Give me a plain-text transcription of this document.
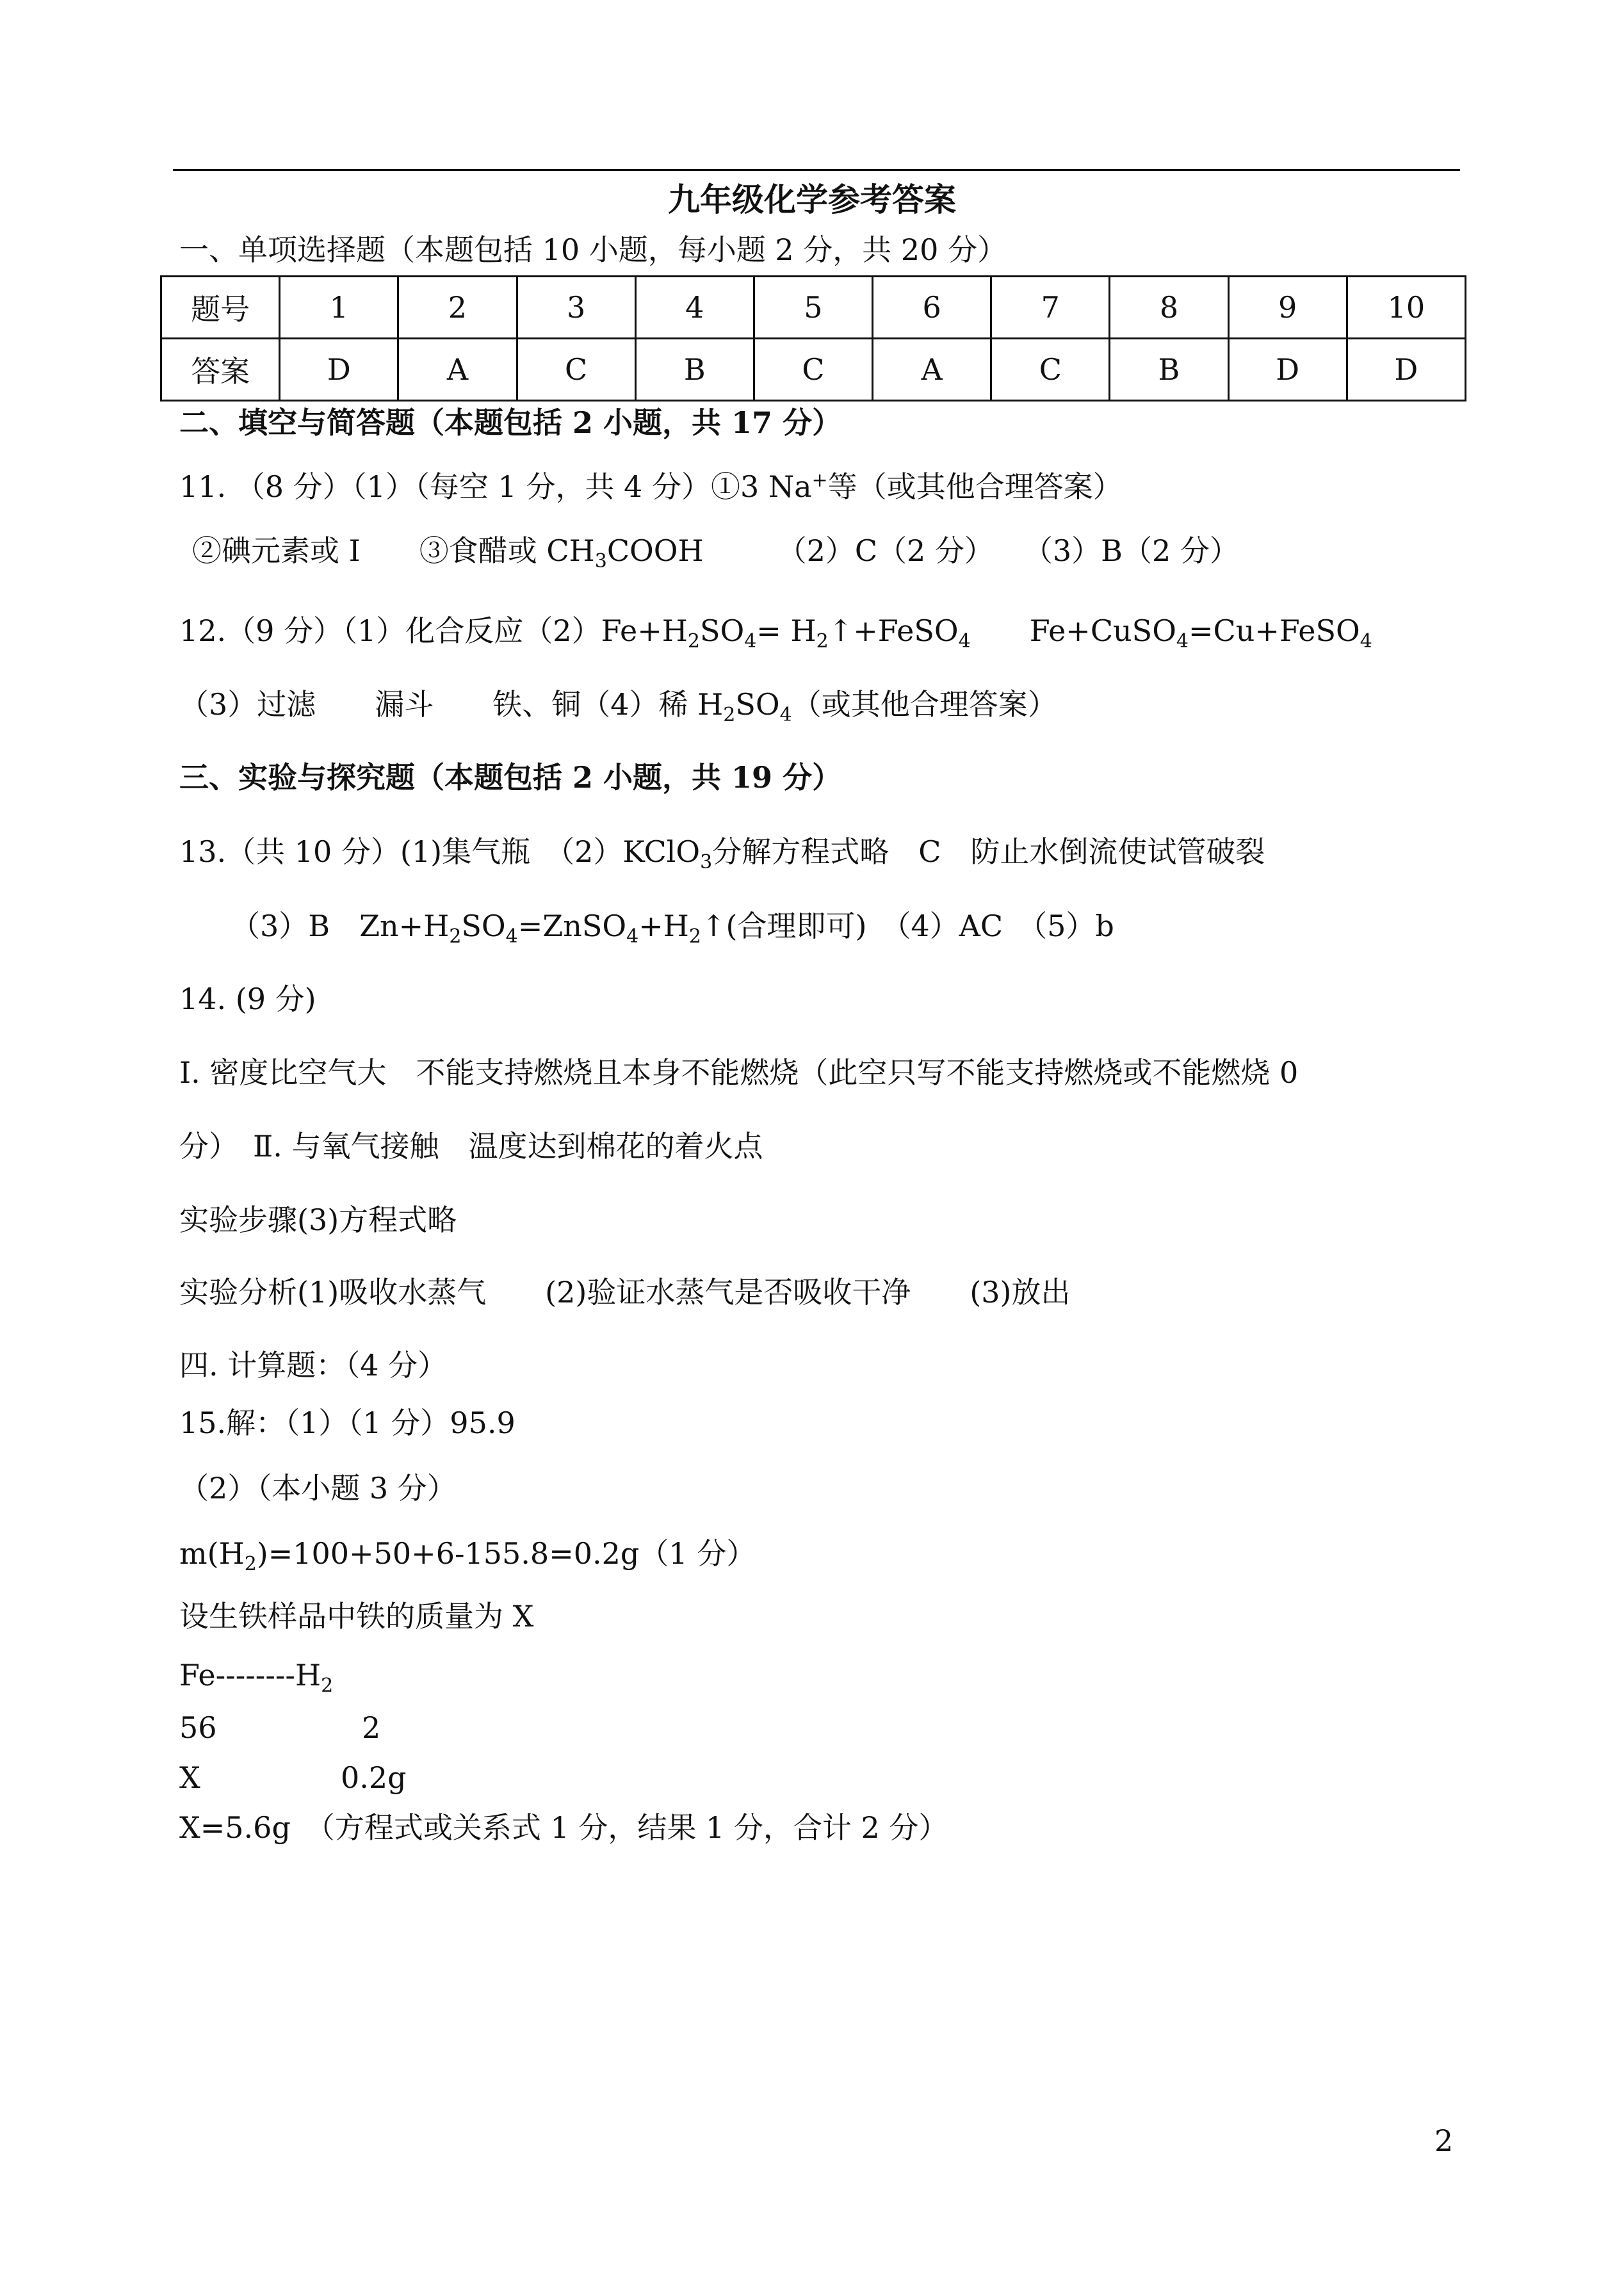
九年级化学参考答案
一、单项选择题（本题包括 10 小题，每小题 2 分，共 20 分）
题号	1	2	3	4	5	6	7	8	9	10
答案	D	A	C	B	C	A	C	B	D	D
二、填空与简答题（本题包括 2 小题，共 17 分）
11. （8 分）（1）（每空 1 分，共 4 分）①3 Na+等（或其他合理答案）
②碘元素或 I　　③食醋或 $CH_3COOH$　　　（2）C（2 分）　　（3）B（2 分）
12.（9 分）（1）化合反应$(2)Fe+H_2SO_4=$ $H_2↑+FeSO_4$　　Fe+CuSO$_4$=Cu+FeSO$_4$
（3）过滤　　漏斗　　铁、铜（4）稀 $H_2SO_4$（或其他合理答案）
三、实验与探究题（本题包括 2 小题，共 19 分）
13.（共 10 分）(1)集气瓶　（2）KClO$_3$分解方程式略　C　防止水倒流使试管破裂
（3）B　$Zn+H_2SO_4=ZnSO_4+H_2↑$(合理即可)　（4）AC　（5）b
14. (9 分)
Ⅰ. 密度比空气大　不能支持燃烧且本身不能燃烧（此空只写不能支持燃烧或不能燃烧 0
分）　Ⅱ. 与氧气接触　温度达到棉花的着火点
实验步骤(3)方程式略
实验分析(1)吸收水蒸气　　(2)验证水蒸气是否吸收干净　　(3)放出
四. 计算题：（4 分）
15.解：（1）（1 分）95.9
（2）（本小题 3 分）
$m(H_2)=100+50+6-155.8=0.2g(1$ 分）
设生铁样品中铁的质量为 X
$Fe--------H_2$
56	2
X	0.2g
X=5.6g　（方程式或关系式 1 分，结果 1 分，合计 2 分）
2
